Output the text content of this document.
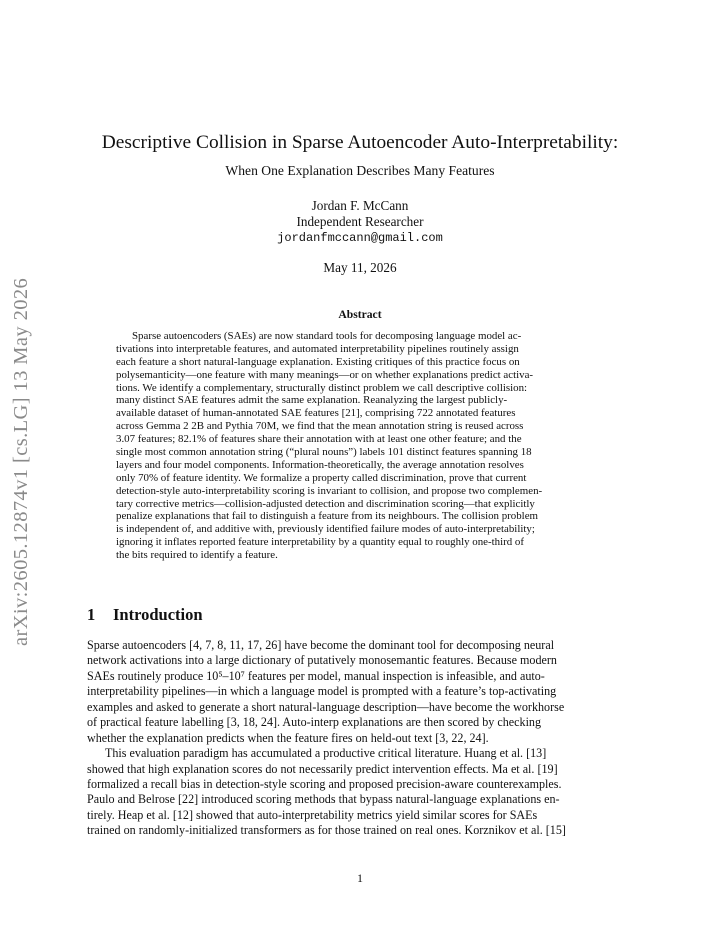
arXiv:2605.12874v1 [cs.LG] 13 May 2026
Descriptive Collision in Sparse Autoencoder Auto-Interpretability:
When One Explanation Describes Many Features
Jordan F. McCann
Independent Researcher
jordanfmccann@gmail.com
May 11, 2026
Abstract
Sparse autoencoders (SAEs) are now standard tools for decomposing language model ac-
tivations into interpretable features, and automated interpretability pipelines routinely assign
each feature a short natural-language explanation. Existing critiques of this practice focus on
polysemanticity—one feature with many meanings—or on whether explanations predict activa-
tions. We identify a complementary, structurally distinct problem we call descriptive collision:
many distinct SAE features admit the same explanation. Reanalyzing the largest publicly-
available dataset of human-annotated SAE features [21], comprising 722 annotated features
across Gemma 2 2B and Pythia 70M, we find that the mean annotation string is reused across
3.07 features; 82.1% of features share their annotation with at least one other feature; and the
single most common annotation string (“plural nouns”) labels 101 distinct features spanning 18
layers and four model components. Information-theoretically, the average annotation resolves
only 70% of feature identity. We formalize a property called discrimination, prove that current
detection-style auto-interpretability scoring is invariant to collision, and propose two complemen-
tary corrective metrics—collision-adjusted detection and discrimination scoring—that explicitly
penalize explanations that fail to distinguish a feature from its neighbours. The collision problem
is independent of, and additive with, previously identified failure modes of auto-interpretability;
ignoring it inflates reported feature interpretability by a quantity equal to roughly one-third of
the bits required to identify a feature.
1 Introduction
Sparse autoencoders [4, 7, 8, 11, 17, 26] have become the dominant tool for decomposing neural
network activations into a large dictionary of putatively monosemantic features. Because modern
SAEs routinely produce 10⁵–10⁷ features per model, manual inspection is infeasible, and auto-
interpretability pipelines—in which a language model is prompted with a feature’s top-activating
examples and asked to generate a short natural-language description—have become the workhorse
of practical feature labelling [3, 18, 24]. Auto-interp explanations are then scored by checking
whether the explanation predicts when the feature fires on held-out text [3, 22, 24].
This evaluation paradigm has accumulated a productive critical literature. Huang et al. [13]
showed that high explanation scores do not necessarily predict intervention effects. Ma et al. [19]
formalized a recall bias in detection-style scoring and proposed precision-aware counterexamples.
Paulo and Belrose [22] introduced scoring methods that bypass natural-language explanations en-
tirely. Heap et al. [12] showed that auto-interpretability metrics yield similar scores for SAEs
trained on randomly-initialized transformers as for those trained on real ones. Korznikov et al. [15]
1
